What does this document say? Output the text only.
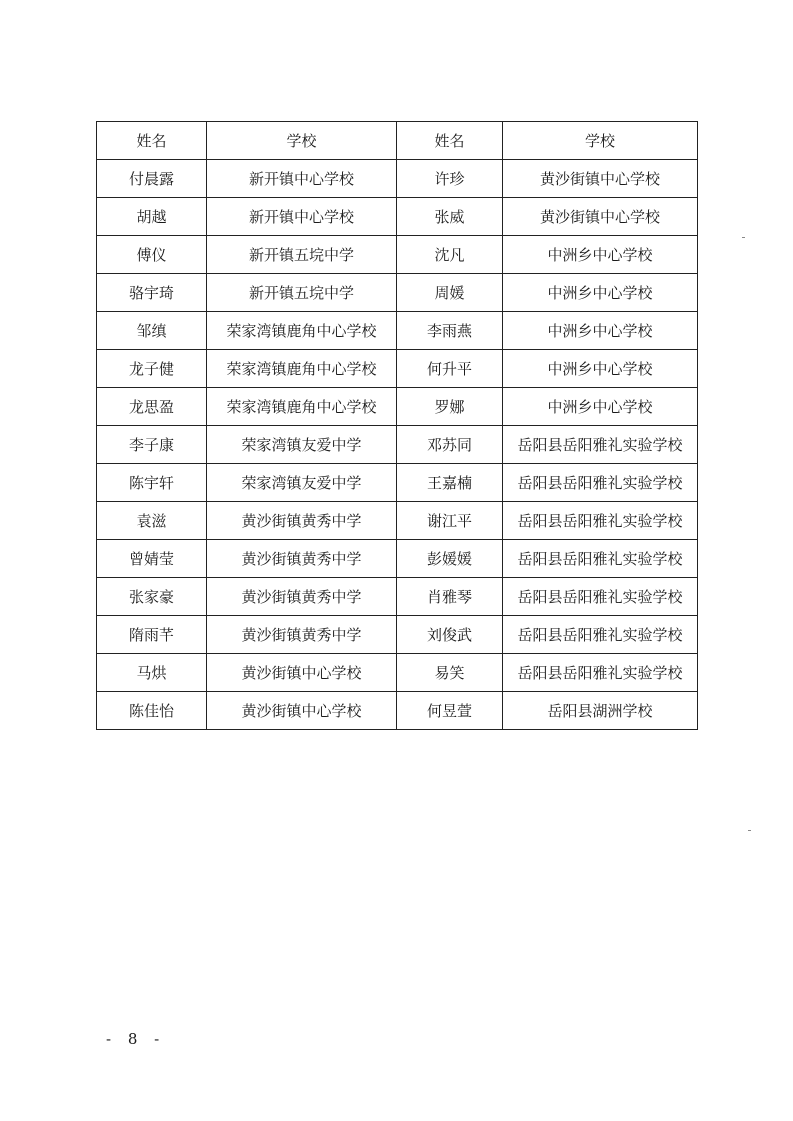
姓名	学校	姓名	学校
付晨露	新开镇中心学校	许珍	黄沙街镇中心学校
胡越	新开镇中心学校	张威	黄沙街镇中心学校
傅仪	新开镇五垸中学	沈凡	中洲乡中心学校
骆宇琦	新开镇五垸中学	周媛	中洲乡中心学校
邹缜	荣家湾镇鹿角中心学校	李雨燕	中洲乡中心学校
龙子健	荣家湾镇鹿角中心学校	何升平	中洲乡中心学校
龙思盈	荣家湾镇鹿角中心学校	罗娜	中洲乡中心学校
李子康	荣家湾镇友爱中学	邓苏同	岳阳县岳阳雅礼实验学校
陈宇轩	荣家湾镇友爱中学	王嘉楠	岳阳县岳阳雅礼实验学校
袁滋	黄沙街镇黄秀中学	谢江平	岳阳县岳阳雅礼实验学校
曾婧莹	黄沙街镇黄秀中学	彭媛媛	岳阳县岳阳雅礼实验学校
张家豪	黄沙街镇黄秀中学	肖雅琴	岳阳县岳阳雅礼实验学校
隋雨芊	黄沙街镇黄秀中学	刘俊武	岳阳县岳阳雅礼实验学校
马烘	黄沙街镇中心学校	易笑	岳阳县岳阳雅礼实验学校
陈佳怡	黄沙街镇中心学校	何昱萱	岳阳县湖洲学校
- 8 -
